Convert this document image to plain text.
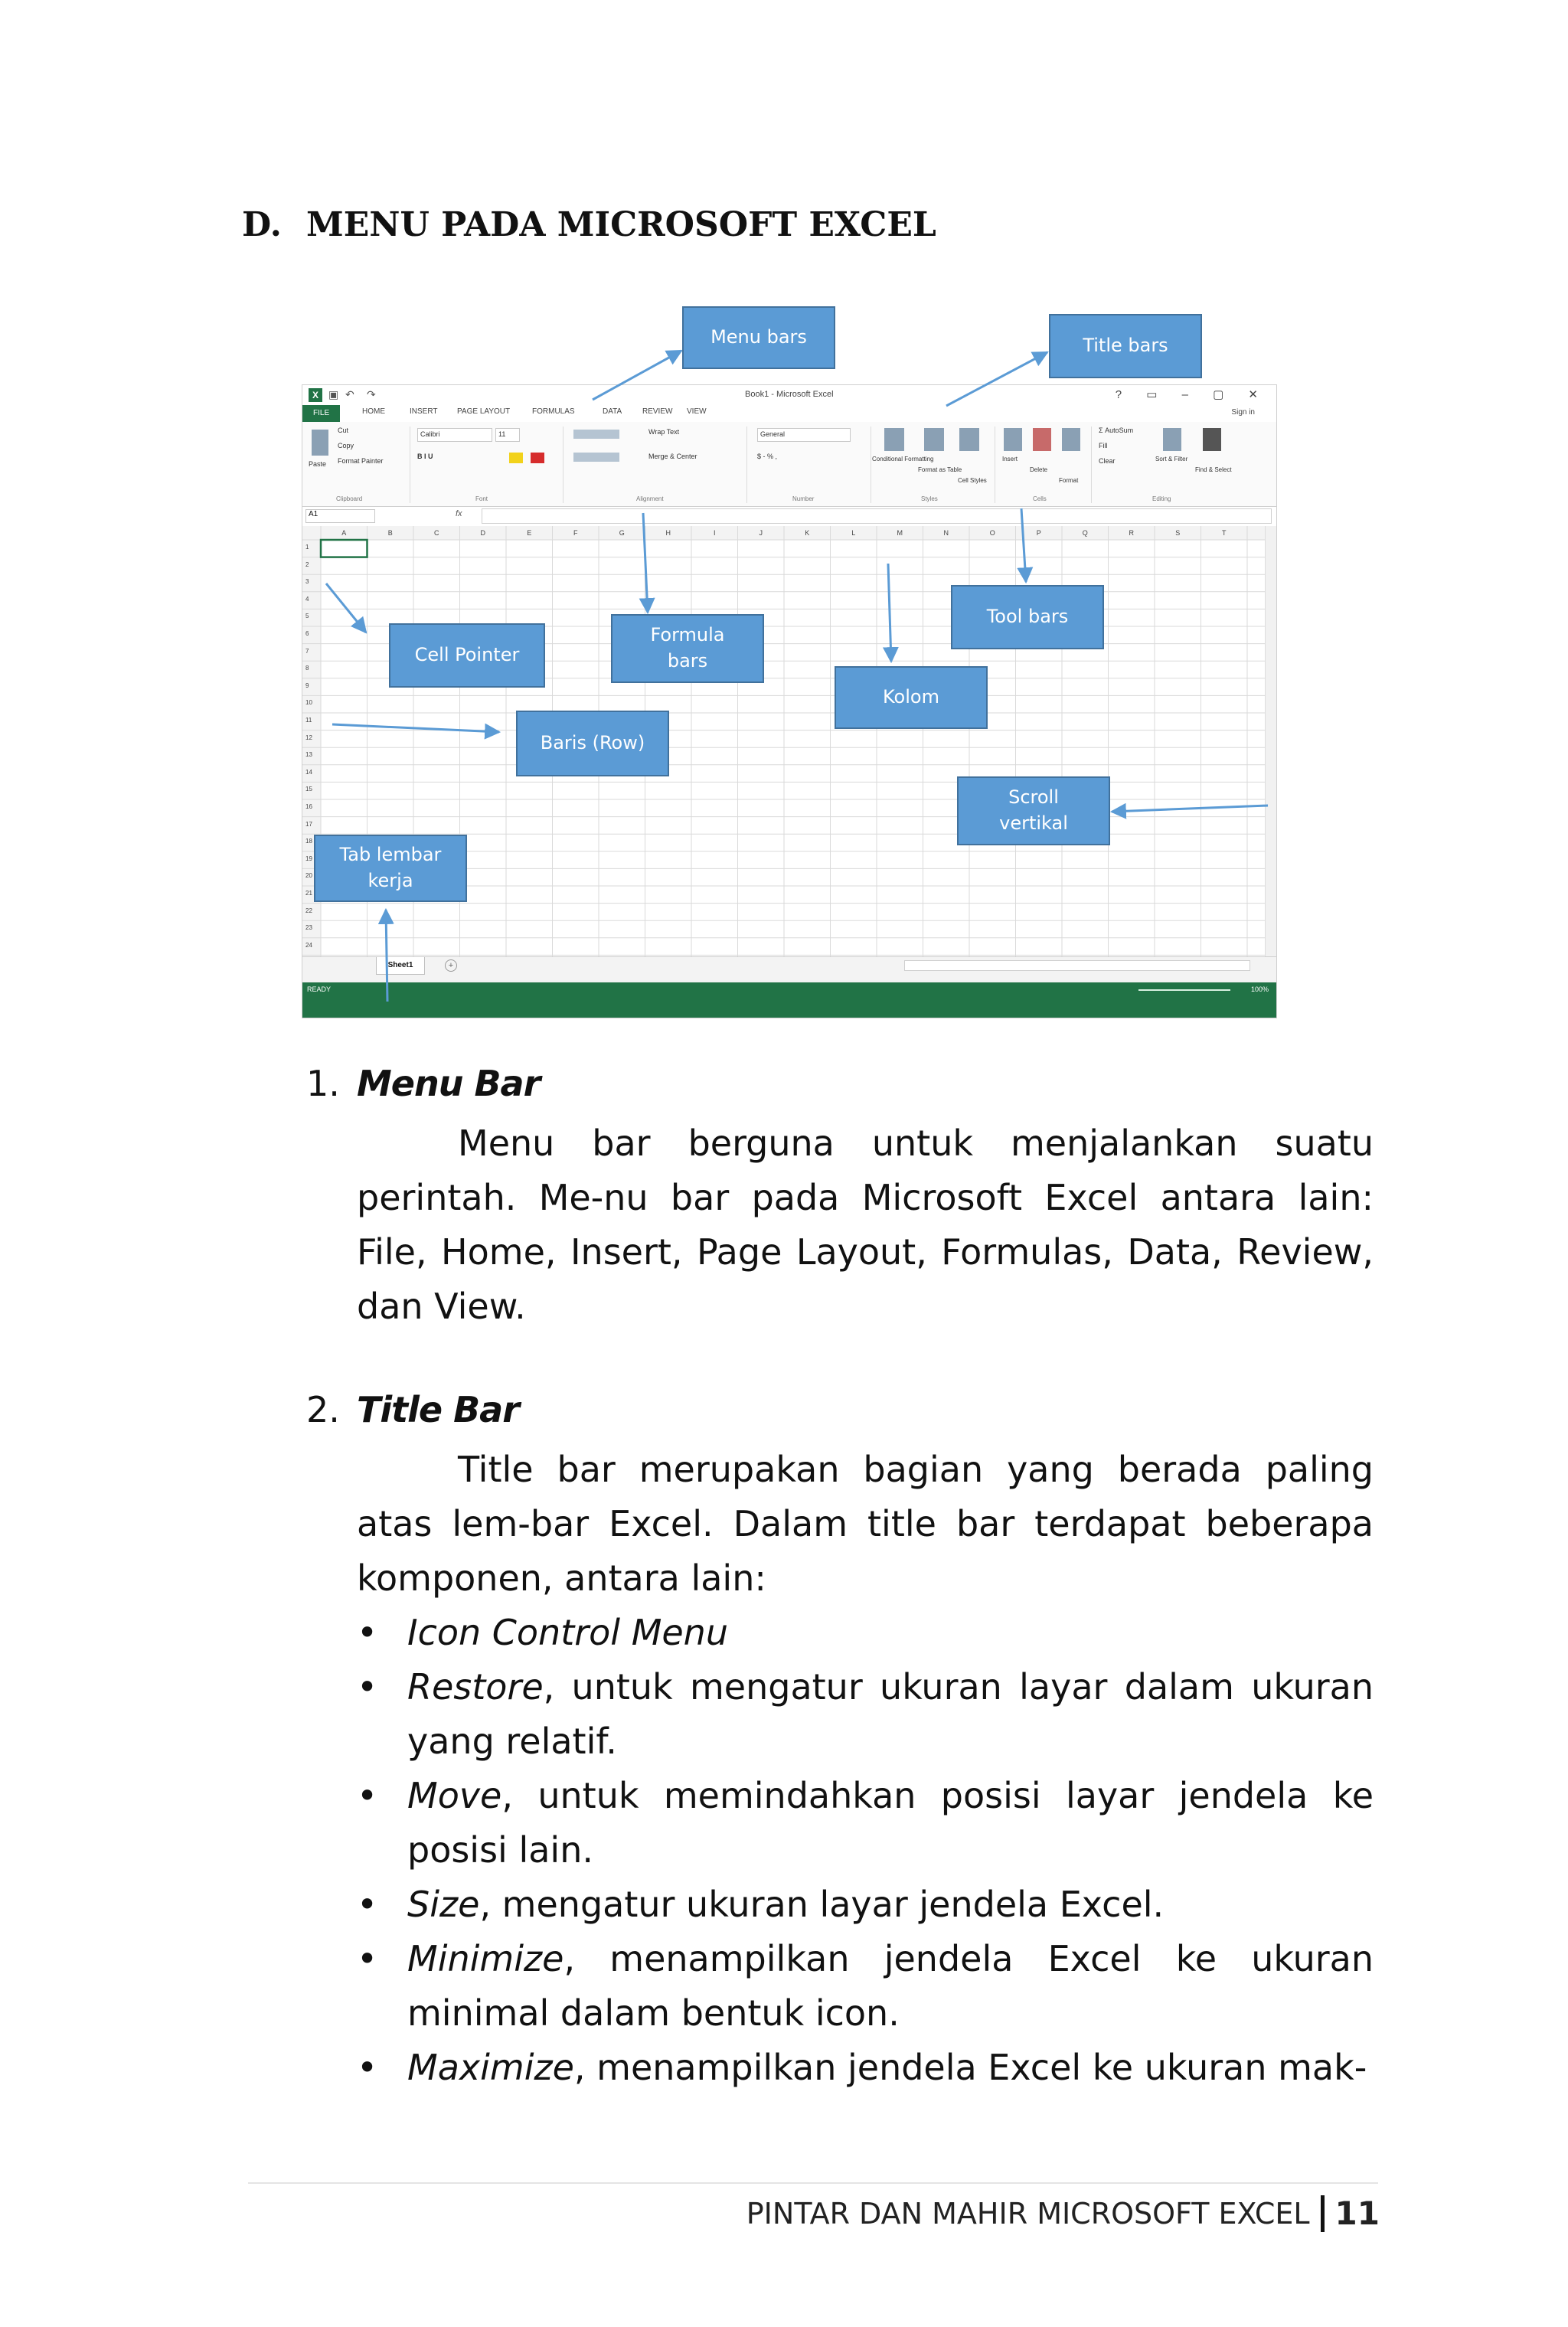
D. MENU PADA MICROSOFT EXCEL
X ▣ ↶ ↷	Book1 - Microsoft Excel	? ▭ – ▢ ✕
VIEW
REVIEW
DATA
FORMULAS
PAGE LAYOUT
INSERT
HOME
FILE	Sign in
Paste
Cut
Copy
Format Painter
Calibri	11
B I U
Wrap Text
Merge & Center
General
$ - % ,	Conditional Formatting
Format as Table
Cell Styles
Insert
Delete
Format
Σ AutoSum
Fill
Clear	Sort & Filter
Find & Select
Clipboard	Font	Alignment	Number	Styles	Cells	Editing
A1	fx
A	B	C	D	E	F	G	H	I	J	K	L	M	N	O	P	Q	R	S	T
1
2
3
4
5
6
7
8
9
10
11
12
13
14
15
16
17
18
19
20
21
22
23
24
Sheet1	+
READY	100%
Menu bars	Title bars
Tool bars
Cell Pointer
Formula
bars
Kolom
Baris (Row)
Scroll
vertikal
Tab lembar
kerja
1. Menu Bar

Menu bar berguna untuk menjalankan suatu perintah. Me-nu bar pada Microsoft Excel antara lain: File, Home, Insert, Page Layout, Formulas, Data, Review, dan View.

2. Title Bar

Title bar merupakan bagian yang berada paling atas lem-bar Excel. Dalam title bar terdapat beberapa komponen, antara lain:

• Icon Control Menu
• Restore, untuk mengatur ukuran layar dalam ukuran yang relatif.
• Move, untuk memindahkan posisi layar jendela ke posisi lain.
• Size, mengatur ukuran layar jendela Excel.
• Minimize, menampilkan jendela Excel ke ukuran minimal dalam bentuk icon.
• Maximize, menampilkan jendela Excel ke ukuran mak-
PINTAR DAN MAHIR MICROSOFT EXCEL 11
